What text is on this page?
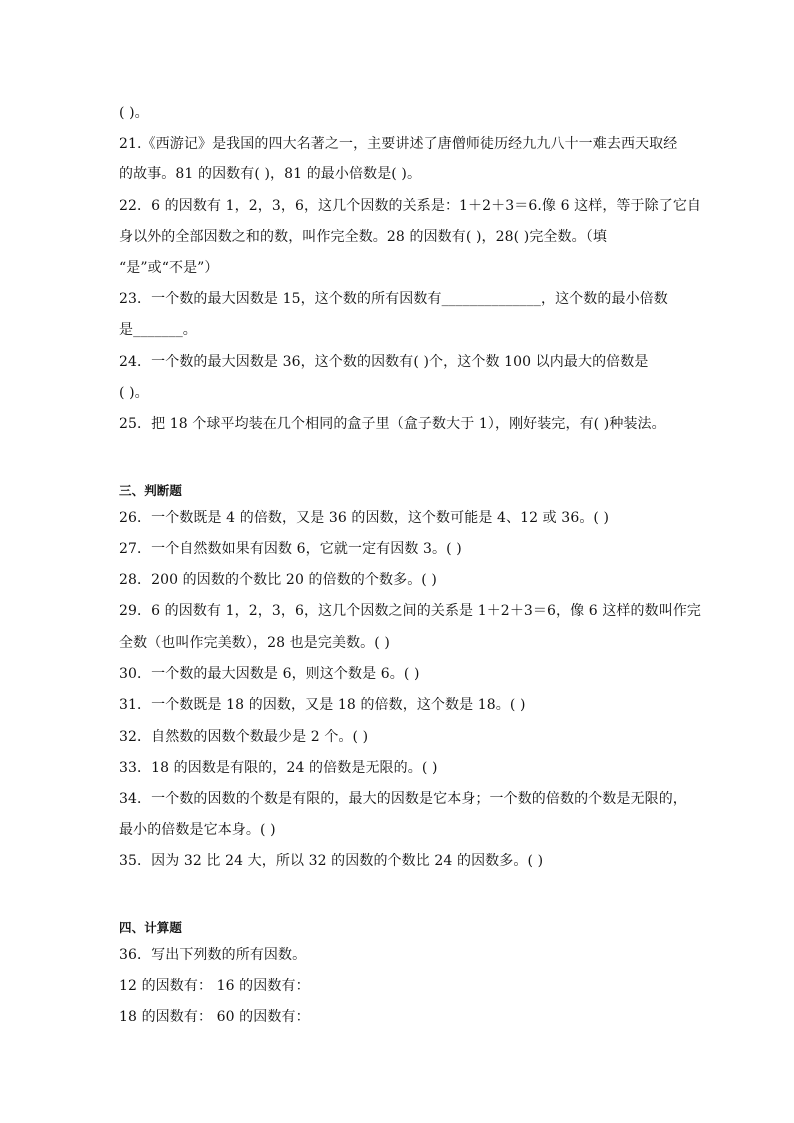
( )。
21.《西游记》是我国的四大名著之一，主要讲述了唐僧师徒历经九九八十一难去西天取经
的故事。81 的因数有( )，81 的最小倍数是( )。
22．6 的因数有 1，2，3，6，这几个因数的关系是：1＋2＋3＝6.像 6 这样，等于除了它自
身以外的全部因数之和的数，叫作完全数。28 的因数有( )，28( )完全数。（填
“是”或“不是”）
23．一个数的最大因数是 15，这个数的所有因数有______________，这个数的最小倍数
是_______。
24．一个数的最大因数是 36，这个数的因数有( )个，这个数 100 以内最大的倍数是
( )。
25．把 18 个球平均装在几个相同的盒子里（盒子数大于 1），刚好装完，有( )种装法。
三、判断题
26．一个数既是 4 的倍数，又是 36 的因数，这个数可能是 4、12 或 36。( )
27．一个自然数如果有因数 6，它就一定有因数 3。( )
28．200 的因数的个数比 20 的倍数的个数多。( )
29．6 的因数有 1，2，3，6，这几个因数之间的关系是 1＋2＋3＝6，像 6 这样的数叫作完
全数（也叫作完美数），28 也是完美数。( )
30．一个数的最大因数是 6，则这个数是 6。( )
31．一个数既是 18 的因数，又是 18 的倍数，这个数是 18。( )
32．自然数的因数个数最少是 2 个。( )
33．18 的因数是有限的，24 的倍数是无限的。( )
34．一个数的因数的个数是有限的，最大的因数是它本身；一个数的倍数的个数是无限的，
最小的倍数是它本身。( )
35．因为 32 比 24 大，所以 32 的因数的个数比 24 的因数多。( )
四、计算题
36．写出下列数的所有因数。
12 的因数有： 16 的因数有：
18 的因数有： 60 的因数有：
